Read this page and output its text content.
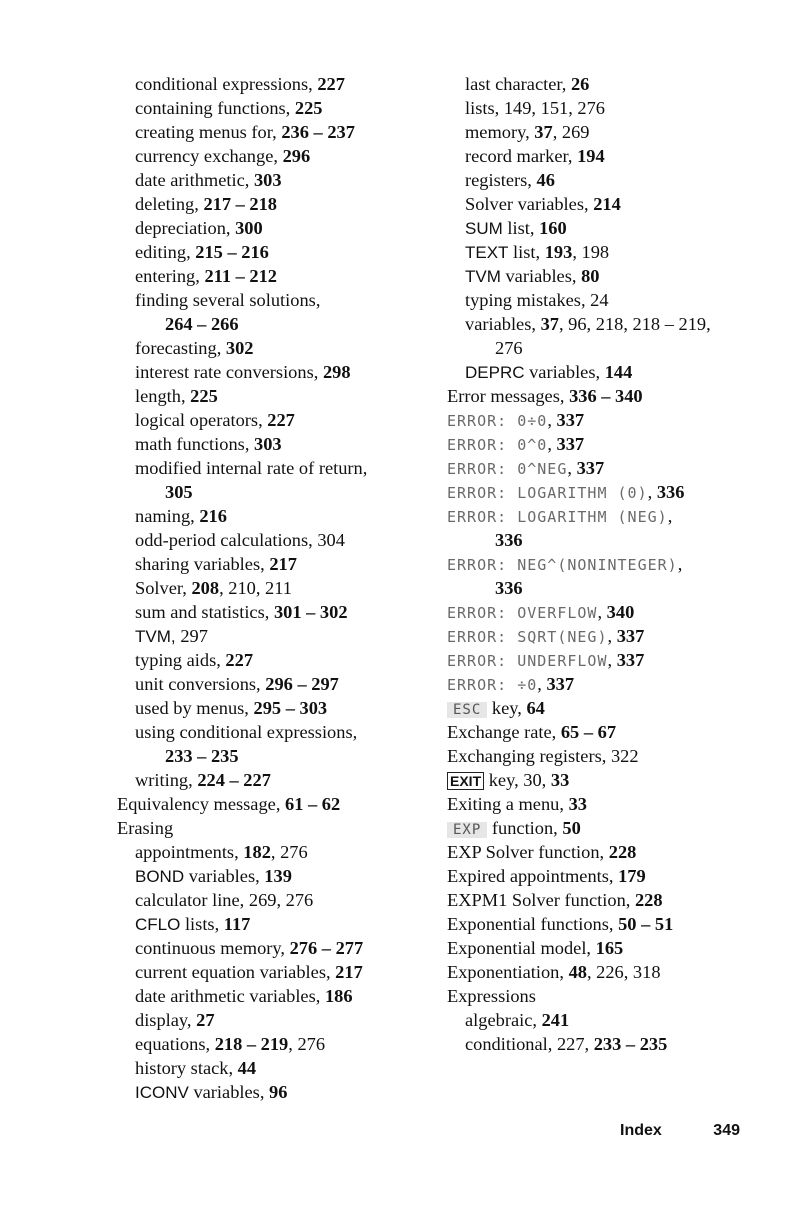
conditional expressions, 227
containing functions, 225
creating menus for, 236 – 237
currency exchange, 296
date arithmetic, 303
deleting, 217 – 218
depreciation, 300
editing, 215 – 216
entering, 211 – 212
finding several solutions,
264 – 266
forecasting, 302
interest rate conversions, 298
length, 225
logical operators, 227
math functions, 303
modified internal rate of return,
305
naming, 216
odd-period calculations, 304
sharing variables, 217
Solver, 208, 210, 211
sum and statistics, 301 – 302
TVM, 297
typing aids, 227
unit conversions, 296 – 297
used by menus, 295 – 303
using conditional expressions,
233 – 235
writing, 224 – 227
Equivalency message, 61 – 62
Erasing
appointments, 182, 276
BOND variables, 139
calculator line, 269, 276
CFLO lists, 117
continuous memory, 276 – 277
current equation variables, 217
date arithmetic variables, 186
display, 27
equations, 218 – 219, 276
history stack, 44
ICONV variables, 96
last character, 26
lists, 149, 151, 276
memory, 37, 269
record marker, 194
registers, 46
Solver variables, 214
SUM list, 160
TEXT list, 193, 198
TVM variables, 80
typing mistakes, 24
variables, 37, 96, 218, 218 – 219,
276
DEPRC variables, 144
Error messages, 336 – 340
ERROR: 0÷0, 337
ERROR: 0^0, 337
ERROR: 0^NEG, 337
ERROR: LOGARITHM (0), 336
ERROR: LOGARITHM (NEG),
336
ERROR: NEG^(NONINTEGER),
336
ERROR: OVERFLOW, 340
ERROR: SQRT(NEG), 337
ERROR: UNDERFLOW, 337
ERROR: ÷0, 337
ESC key, 64
Exchange rate, 65 – 67
Exchanging registers, 322
EXIT key, 30, 33
Exiting a menu, 33
EXP function, 50
EXP Solver function, 228
Expired appointments, 179
EXPM1 Solver function, 228
Exponential functions, 50 – 51
Exponential model, 165
Exponentiation, 48, 226, 318
Expressions
algebraic, 241
conditional, 227, 233 – 235
Index	349
